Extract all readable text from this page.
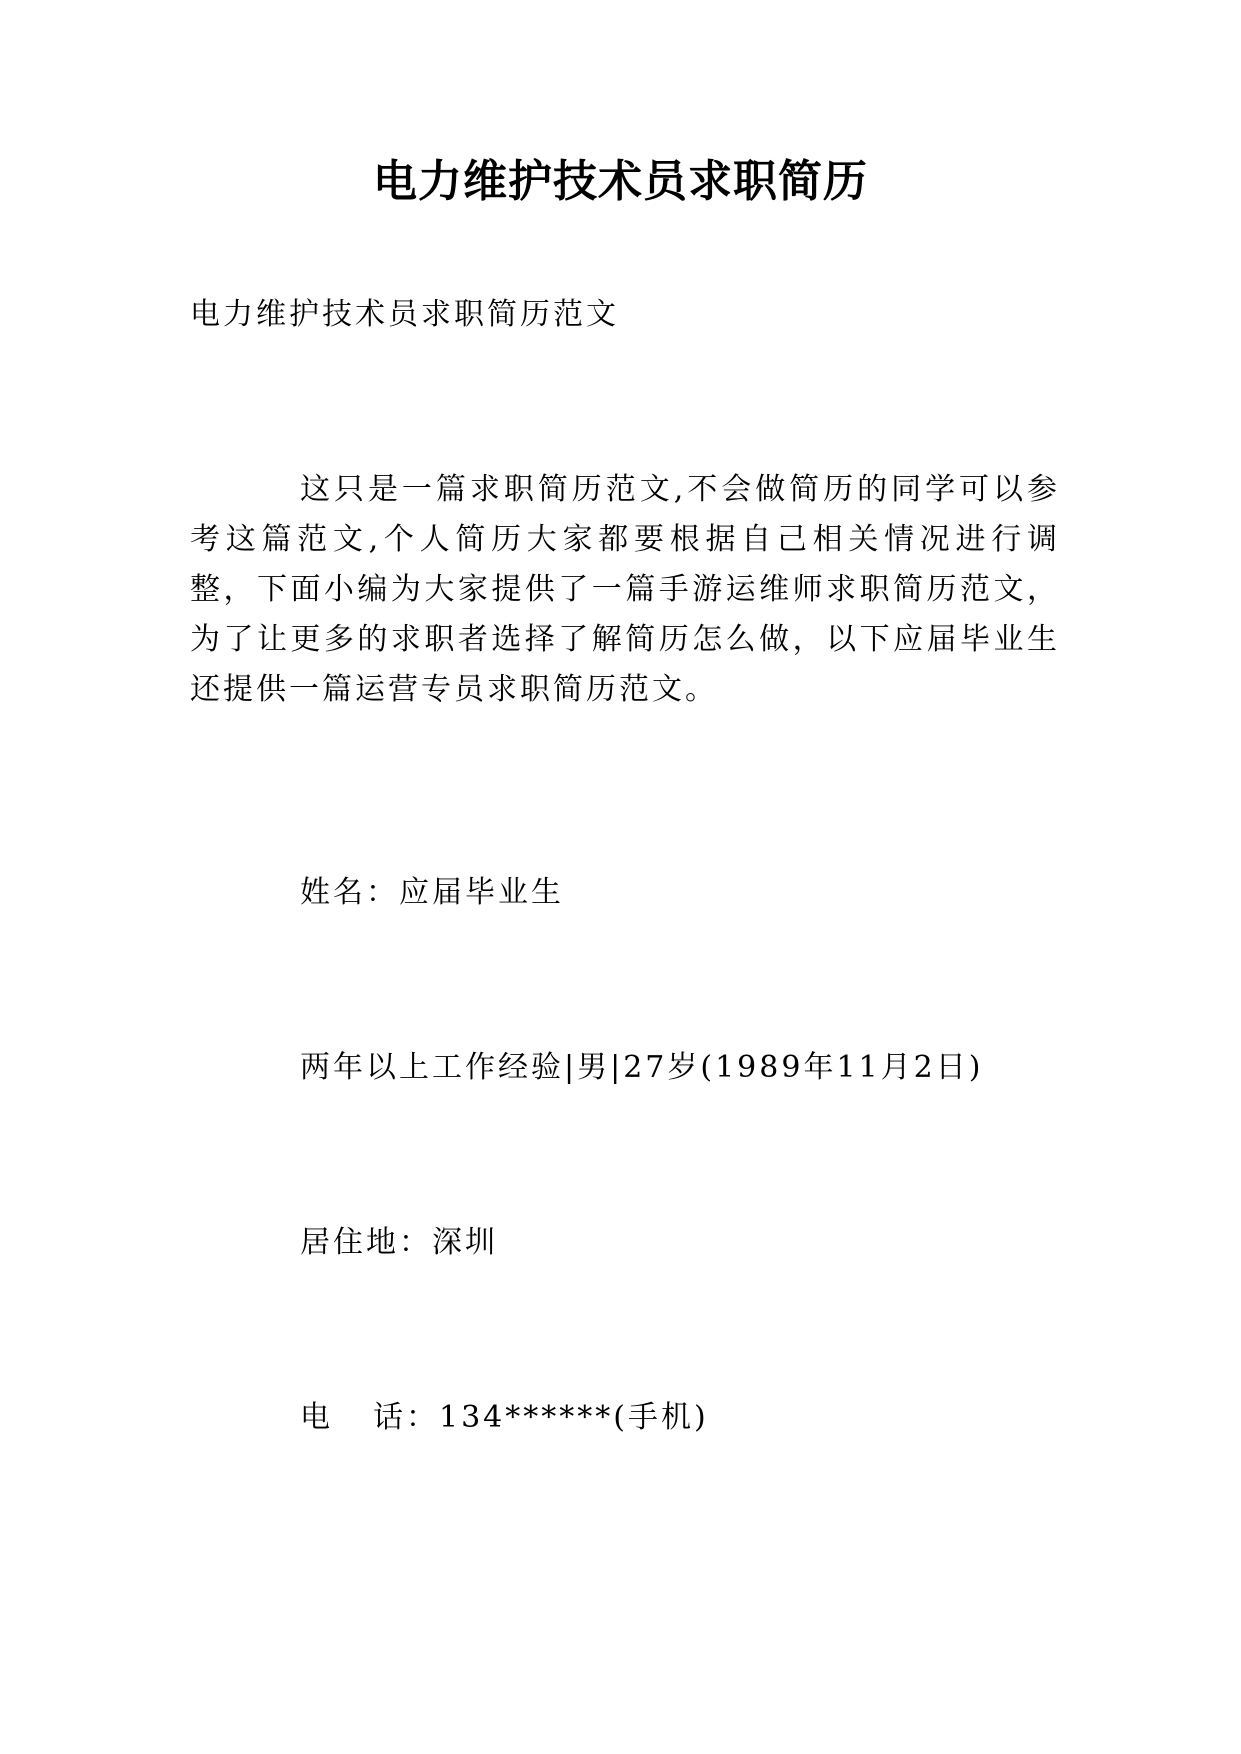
电力维护技术员求职简历
电力维护技术员求职简历范文
这只是一篇求职简历范文,不会做简历的同学可以参考这篇范文,个人简历大家都要根据自己相关情况进行调整，下面小编为大家提供了一篇手游运维师求职简历范文，为了让更多的求职者选择了解简历怎么做，以下应届毕业生还提供一篇运营专员求职简历范文。
姓名：应届毕业生
两年以上工作经验|男|27岁(1989年11月2日)
居住地：深圳
电 话：134******(手机)
